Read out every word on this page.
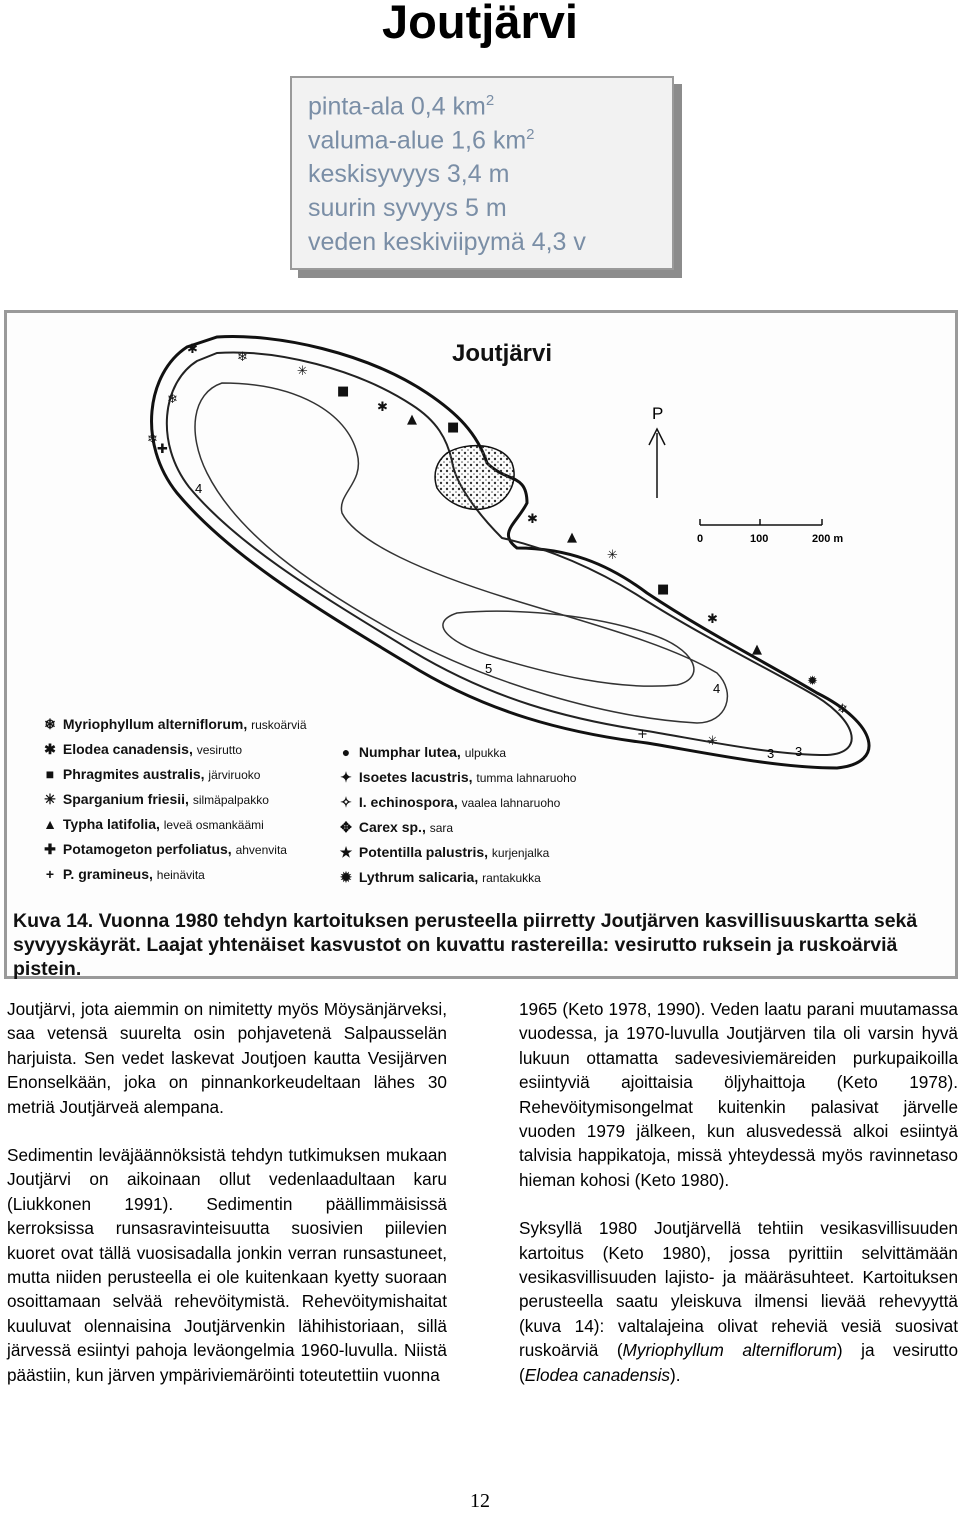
Joutjärvi
pinta-ala 0,4 $km^2$
valuma-alue 1,6 $km^2$
keskisyvyys 3,4 m
suurin syvyys 5 m
veden keskiviipymä 4,3 v
Joutjärvi
4
3
5
4
3
✱
❄
✳
■
✱
▲
❄
✚
✱
▲
✳
■
✱
▲
✹
❄
✳
+
❄
■
P
0	100	200 m
❄ Myriophyllum alterniflorum, ruskoärviä
✱ Elodea canadensis, vesirutto
■ Phragmites australis, järviruoko
✳ Sparganium friesii, silmäpalpakko
▲ Typha latifolia, leveä osmankäämi
✚ Potamogeton perfoliatus, ahvenvita
+ P. gramineus, heinävita
● Numphar lutea, ulpukka
✦ Isoetes lacustris, tumma lahnaruoho
✧ I. echinospora, vaalea lahnaruoho
✥ Carex sp., sara
★ Potentilla palustris, kurjenjalka
✹ Lythrum salicaria, rantakukka
Kuva 14. Vuonna 1980 tehdyn kartoituksen perusteella piirretty Joutjärven kasvillisuuskartta sekä syvyyskäyrät. Laajat yhtenäiset kasvustot on kuvattu rastereilla: vesirutto ruksein ja ruskoärviä pistein.

Joutjärvi, jota aiemmin on nimitetty myös Möysänjärveksi, saa vetensä suurelta osin pohjavetenä Salpausselän harjuista. Sen vedet laskevat Joutjoen kautta Vesijärven Enonselkään, joka on pinnankorkeudeltaan lähes 30 metriä Joutjärveä alempana.

Sedimentin leväjäännöksistä tehdyn tutkimuksen mukaan Joutjärvi on aikoinaan ollut vedenlaadultaan karu (Liukkonen 1991). Sedimentin päällimmäisissä kerroksissa runsasravinteisuutta suosivien piilevien kuoret ovat tällä vuosisadalla jonkin verran runsastuneet, mutta niiden perusteella ei ole kuitenkaan kyetty suoraan osoittamaan selvää rehevöitymistä. Rehevöitymishaitat kuuluvat olennaisina Joutjärvenkin lähihistoriaan, sillä järvessä esiintyi pahoja leväongelmia 1960-luvulla. Niistä päästiin, kun järven ympäriviemäröinti toteutettiin vuonna

1965 (Keto 1978, 1990). Veden laatu parani muutamassa vuodessa, ja 1970-luvulla Joutjärven tila oli varsin hyvä lukuun ottamatta sadevesiviemäreiden purkupaikoilla esiintyviä ajoittaisia öljyhaittoja (Keto 1978). Rehevöitymisongelmat kuitenkin palasivat järvelle vuoden 1979 jälkeen, kun alusvedessä alkoi esiintyä talvisia happikatoja, missä yhteydessä myös ravinnetaso hieman kohosi (Keto 1980).

Syksyllä 1980 Joutjärvellä tehtiin vesikasvillisuuden kartoitus (Keto 1980), jossa pyrittiin selvittämään vesikasvillisuuden lajisto- ja määräsuhteet. Kartoituksen perusteella saatu yleiskuva ilmensi lievää rehevyyttä (kuva 14): valtalajeina olivat reheviä vesiä suosivat ruskoärviä (Myriophyllum alterniflorum) ja vesirutto (Elodea canadensis).

12
